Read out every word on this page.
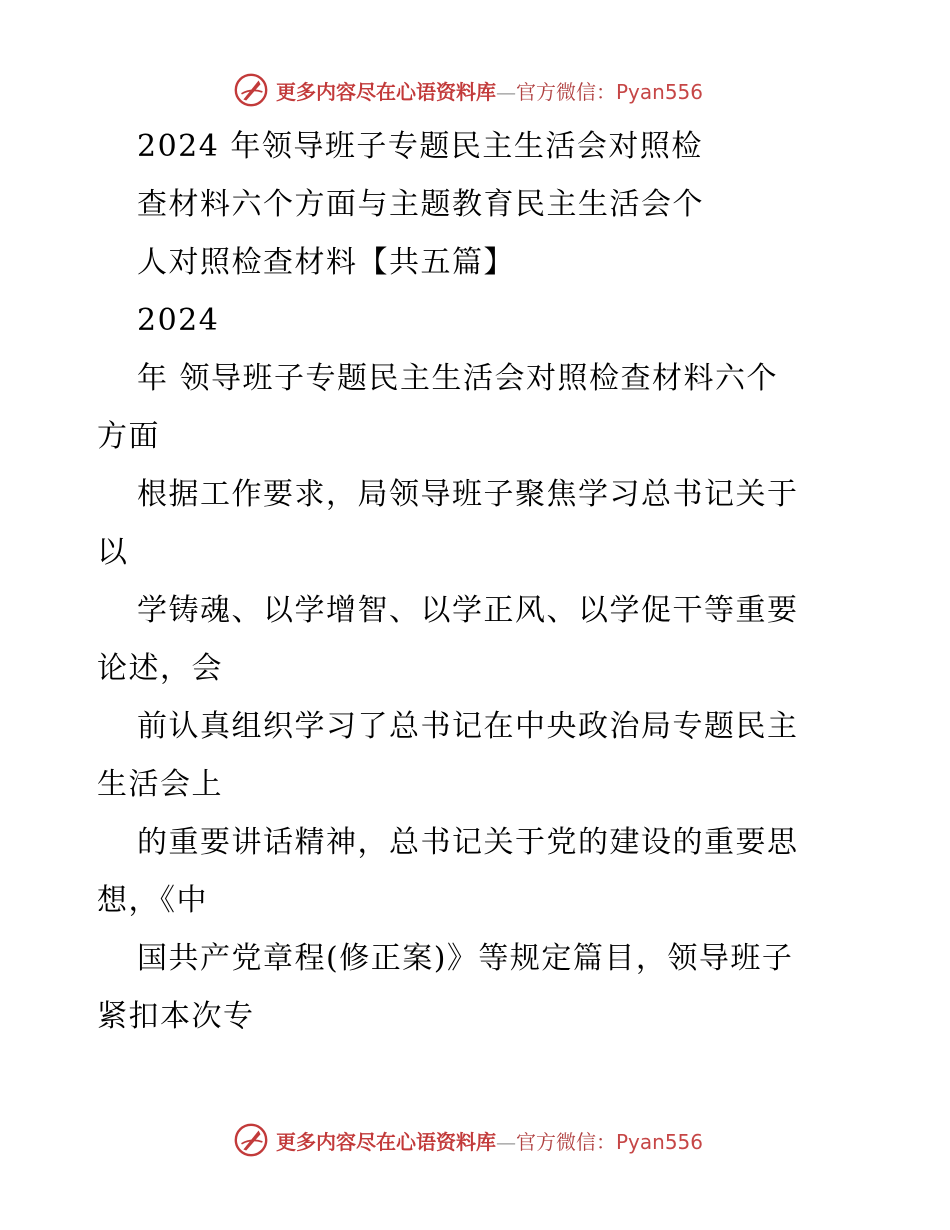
更多内容尽在心语资料库—官方微信：Pyan556
2024 年领导班子专题民主生活会对照检
查材料六个方面与主题教育民主生活会个
人对照检查材料【共五篇】
2024
年 领导班子专题民主生活会对照检查材料六个
方面
根据工作要求，局领导班子聚焦学习总书记关于
以
学铸魂、以学增智、以学正风、以学促干等重要
论述，会
前认真组织学习了总书记在中央政治局专题民主
生活会上
的重要讲话精神，总书记关于党的建设的重要思
想，《中
国共产党章程(修正案)》等规定篇目，领导班子
紧扣本次专
更多内容尽在心语资料库—官方微信：Pyan556
